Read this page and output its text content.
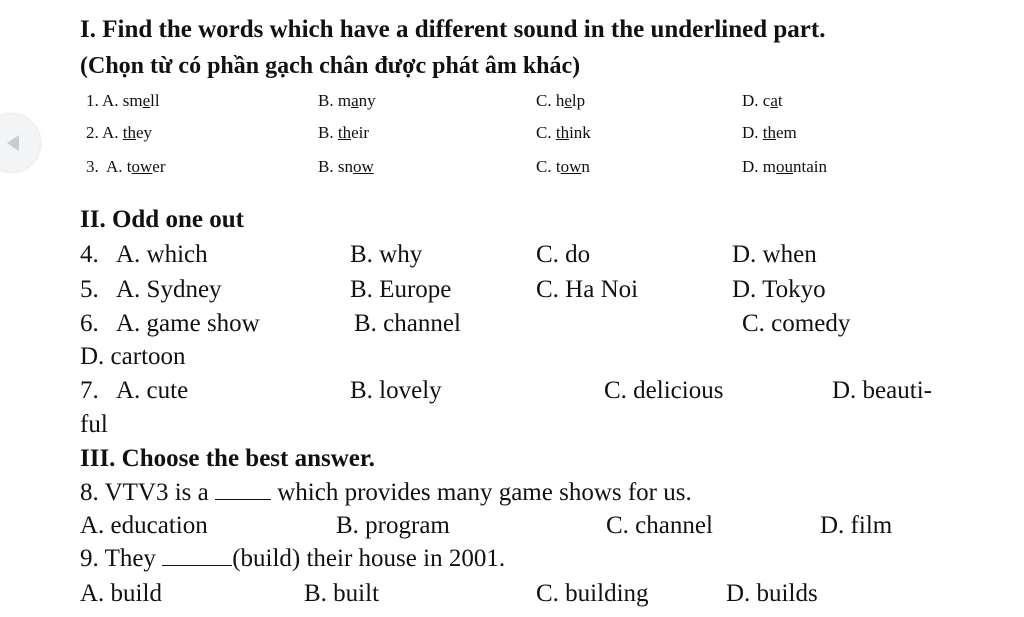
I. Find the words which have a different sound in the underlined part.
(Chọn từ có phần gạch chân được phát âm khác)
1. A. smell	B. many	C. help	D. cat
2. A. they	B. their	C. think	D. them
3. A. tower	B. snow	C. town	D. mountain
II. Odd one out
4. A. which	B. why	C. do	D. when
5. A. Sydney	B. Europe	C. Ha Noi	D. Tokyo
6. A. game show	B. channel	C. comedy
D. cartoon
7. A. cute	B. lovely	C. delicious	D. beauti-
ful
III. Choose the best answer.
8. VTV3 is a  which provides many game shows for us.
A. education	B. program	C. channel	D. film
9. They	(build) their house in 2001.
A. build	B. built	C. building	D. builds
